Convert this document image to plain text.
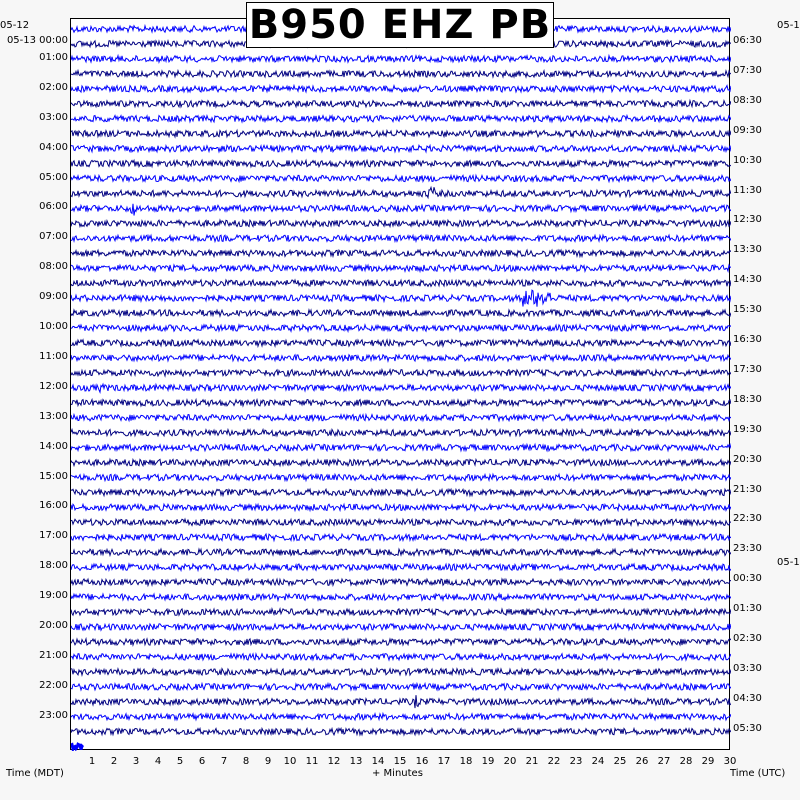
B950 EHZ PB
05-12	05-1
05-1
05-13 00:00
01:00
02:00
03:00
04:00
05:00
06:00
07:00
08:00
09:00
10:00
11:00
12:00
13:00
14:00
15:00
16:00
17:00
18:00
19:00
20:00
21:00
22:00
23:00
06:30
07:30
08:30
09:30
10:30
11:30
12:30
13:30
14:30
15:30
16:30
17:30
18:30
19:30
20:30
21:30
22:30
23:30
00:30
01:30
02:30
03:30
04:30
05:30
1 2 3 4 5 6 7 8 9 10 11 12 13 14 15 16 17 18 19 20 21 22 23 24 25 26 27 28 29 30
Time (MDT)	+ Minutes	Time (UTC)
